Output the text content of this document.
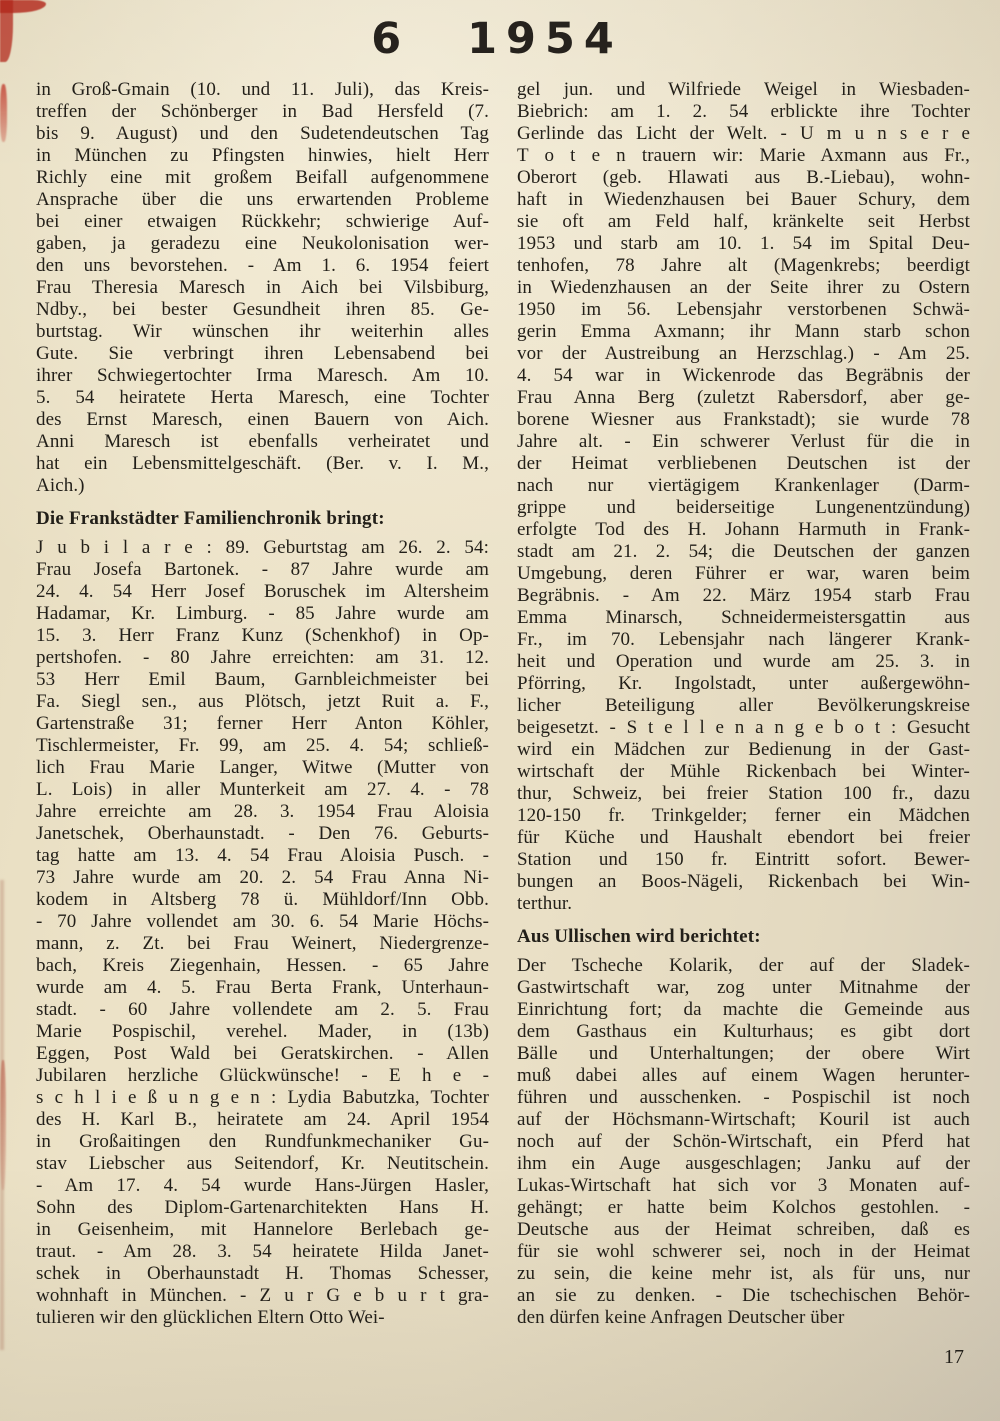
6 1954
in Groß-Gmain (10. und 11. Juli), das Kreis-
treffen der Schönberger in Bad Hersfeld (7.
bis 9. August) und den Sudetendeutschen Tag
in München zu Pfingsten hinwies, hielt Herr
Richly eine mit großem Beifall aufgenommene
Ansprache über die uns erwartenden Probleme
bei einer etwaigen Rückkehr; schwierige Auf-
gaben, ja geradezu eine Neukolonisation wer-
den uns bevorstehen. - Am 1. 6. 1954 feiert
Frau Theresia Maresch in Aich bei Vilsbiburg,
Ndby., bei bester Gesundheit ihren 85. Ge-
burtstag. Wir wünschen ihr weiterhin alles
Gute. Sie verbringt ihren Lebensabend bei
ihrer Schwiegertochter Irma Maresch. Am 10.
5. 54 heiratete Herta Maresch, eine Tochter
des Ernst Maresch, einen Bauern von Aich.
Anni Maresch ist ebenfalls verheiratet und
hat ein Lebensmittelgeschäft. (Ber. v. I. M.,
Aich.)
Die Frankstädter Familienchronik bringt:
J u b i l a r e : 89. Geburtstag am 26. 2. 54:
Frau Josefa Bartonek. - 87 Jahre wurde am
24. 4. 54 Herr Josef Boruschek im Altersheim
Hadamar, Kr. Limburg. - 85 Jahre wurde am
15. 3. Herr Franz Kunz (Schenkhof) in Op-
pertshofen. - 80 Jahre erreichten: am 31. 12.
53 Herr Emil Baum, Garnbleichmeister bei
Fa. Siegl sen., aus Plötsch, jetzt Ruit a. F.,
Gartenstraße 31; ferner Herr Anton Köhler,
Tischlermeister, Fr. 99, am 25. 4. 54; schließ-
lich Frau Marie Langer, Witwe (Mutter von
L. Lois) in aller Munterkeit am 27. 4. - 78
Jahre erreichte am 28. 3. 1954 Frau Aloisia
Janetschek, Oberhaunstadt. - Den 76. Geburts-
tag hatte am 13. 4. 54 Frau Aloisia Pusch. -
73 Jahre wurde am 20. 2. 54 Frau Anna Ni-
kodem in Altsberg 78 ü. Mühldorf/Inn Obb.
- 70 Jahre vollendet am 30. 6. 54 Marie Höchs-
mann, z. Zt. bei Frau Weinert, Niedergrenze-
bach, Kreis Ziegenhain, Hessen. - 65 Jahre
wurde am 4. 5. Frau Berta Frank, Unterhaun-
stadt. - 60 Jahre vollendete am 2. 5. Frau
Marie Pospischil, verehel. Mader, in (13b)
Eggen, Post Wald bei Geratskirchen. - Allen
Jubilaren herzliche Glückwünsche! - E h e -
s c h l i e ß u n g e n : Lydia Babutzka, Tochter
des H. Karl B., heiratete am 24. April 1954
in Großaitingen den Rundfunkmechaniker Gu-
stav Liebscher aus Seitendorf, Kr. Neutitschein.
- Am 17. 4. 54 wurde Hans-Jürgen Hasler,
Sohn des Diplom-Gartenarchitekten Hans H.
in Geisenheim, mit Hannelore Berlebach ge-
traut. - Am 28. 3. 54 heiratete Hilda Janet-
schek in Oberhaunstadt H. Thomas Schesser,
wohnhaft in München. - Z u r G e b u r t gra-
tulieren wir den glücklichen Eltern Otto Wei-
gel jun. und Wilfriede Weigel in Wiesbaden-
Biebrich: am 1. 2. 54 erblickte ihre Tochter
Gerlinde das Licht der Welt. - U m u n s e r e
T o t e n trauern wir: Marie Axmann aus Fr.,
Oberort (geb. Hlawati aus B.-Liebau), wohn-
haft in Wiedenzhausen bei Bauer Schury, dem
sie oft am Feld half, kränkelte seit Herbst
1953 und starb am 10. 1. 54 im Spital Deu-
tenhofen, 78 Jahre alt (Magenkrebs; beerdigt
in Wiedenzhausen an der Seite ihrer zu Ostern
1950 im 56. Lebensjahr verstorbenen Schwä-
gerin Emma Axmann; ihr Mann starb schon
vor der Austreibung an Herzschlag.) - Am 25.
4. 54 war in Wickenrode das Begräbnis der
Frau Anna Berg (zuletzt Rabersdorf, aber ge-
borene Wiesner aus Frankstadt); sie wurde 78
Jahre alt. - Ein schwerer Verlust für die in
der Heimat verbliebenen Deutschen ist der
nach nur viertägigem Krankenlager (Darm-
grippe und beiderseitige Lungenentzündung)
erfolgte Tod des H. Johann Harmuth in Frank-
stadt am 21. 2. 54; die Deutschen der ganzen
Umgebung, deren Führer er war, waren beim
Begräbnis. - Am 22. März 1954 starb Frau
Emma Minarsch, Schneidermeistersgattin aus
Fr., im 70. Lebensjahr nach längerer Krank-
heit und Operation und wurde am 25. 3. in
Pförring, Kr. Ingolstadt, unter außergewöhn-
licher Beteiligung aller Bevölkerungskreise
beigesetzt. - S t e l l e n a n g e b o t : Gesucht
wird ein Mädchen zur Bedienung in der Gast-
wirtschaft der Mühle Rickenbach bei Winter-
thur, Schweiz, bei freier Station 100 fr., dazu
120-150 fr. Trinkgelder; ferner ein Mädchen
für Küche und Haushalt ebendort bei freier
Station und 150 fr. Eintritt sofort. Bewer-
bungen an Boos-Nägeli, Rickenbach bei Win-
terthur.
Aus Ullischen wird berichtet:
Der Tscheche Kolarik, der auf der Sladek-
Gastwirtschaft war, zog unter Mitnahme der
Einrichtung fort; da machte die Gemeinde aus
dem Gasthaus ein Kulturhaus; es gibt dort
Bälle und Unterhaltungen; der obere Wirt
muß dabei alles auf einem Wagen herunter-
führen und ausschenken. - Pospischil ist noch
auf der Höchsmann-Wirtschaft; Kouril ist auch
noch auf der Schön-Wirtschaft, ein Pferd hat
ihm ein Auge ausgeschlagen; Janku auf der
Lukas-Wirtschaft hat sich vor 3 Monaten auf-
gehängt; er hatte beim Kolchos gestohlen. -
Deutsche aus der Heimat schreiben, daß es
für sie wohl schwerer sei, noch in der Heimat
zu sein, die keine mehr ist, als für uns, nur
an sie zu denken. - Die tschechischen Behör-
den dürfen keine Anfragen Deutscher über
17
